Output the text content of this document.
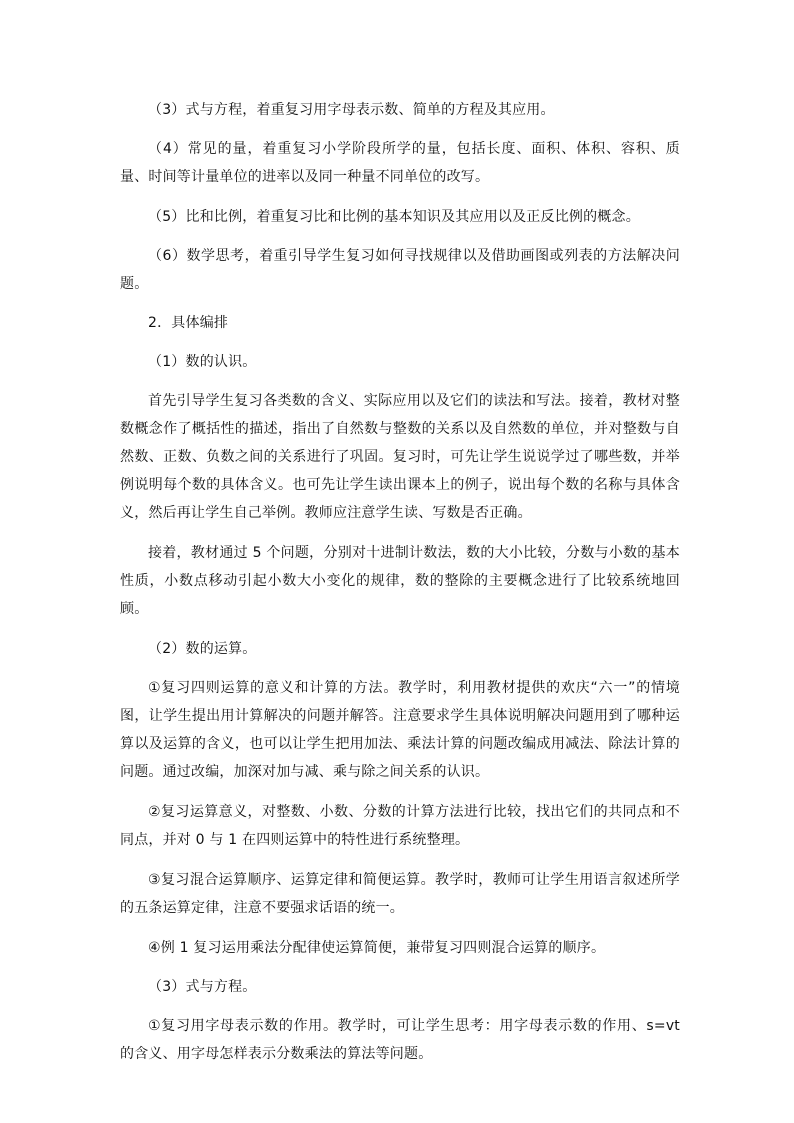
（3）式与方程，着重复习用字母表示数、简单的方程及其应用。

（4）常见的量，着重复习小学阶段所学的量，包括长度、面积、体积、容积、质量、时间等计量单位的进率以及同一种量不同单位的改写。

（5）比和比例，着重复习比和比例的基本知识及其应用以及正反比例的概念。

（6）数学思考，着重引导学生复习如何寻找规律以及借助画图或列表的方法解决问题。

2．具体编排

（1）数的认识。

首先引导学生复习各类数的含义、实际应用以及它们的读法和写法。接着，教材对整数概念作了概括性的描述，指出了自然数与整数的关系以及自然数的单位，并对整数与自然数、正数、负数之间的关系进行了巩固。复习时，可先让学生说说学过了哪些数，并举例说明每个数的具体含义。也可先让学生读出课本上的例子，说出每个数的名称与具体含义，然后再让学生自己举例。教师应注意学生读、写数是否正确。

接着，教材通过 5 个问题，分别对十进制计数法，数的大小比较，分数与小数的基本性质，小数点移动引起小数大小变化的规律，数的整除的主要概念进行了比较系统地回顾。

（2）数的运算。

①复习四则运算的意义和计算的方法。教学时，利用教材提供的欢庆“六一”的情境图，让学生提出用计算解决的问题并解答。注意要求学生具体说明解决问题用到了哪种运算以及运算的含义，也可以让学生把用加法、乘法计算的问题改编成用减法、除法计算的问题。通过改编，加深对加与减、乘与除之间关系的认识。

②复习运算意义，对整数、小数、分数的计算方法进行比较，找出它们的共同点和不同点，并对 0 与 1 在四则运算中的特性进行系统整理。

③复习混合运算顺序、运算定律和简便运算。教学时，教师可让学生用语言叙述所学的五条运算定律，注意不要强求话语的统一。

④例 1 复习运用乘法分配律使运算简便，兼带复习四则混合运算的顺序。

（3）式与方程。

①复习用字母表示数的作用。教学时，可让学生思考：用字母表示数的作用、s=vt 的含义、用字母怎样表示分数乘法的算法等问题。
